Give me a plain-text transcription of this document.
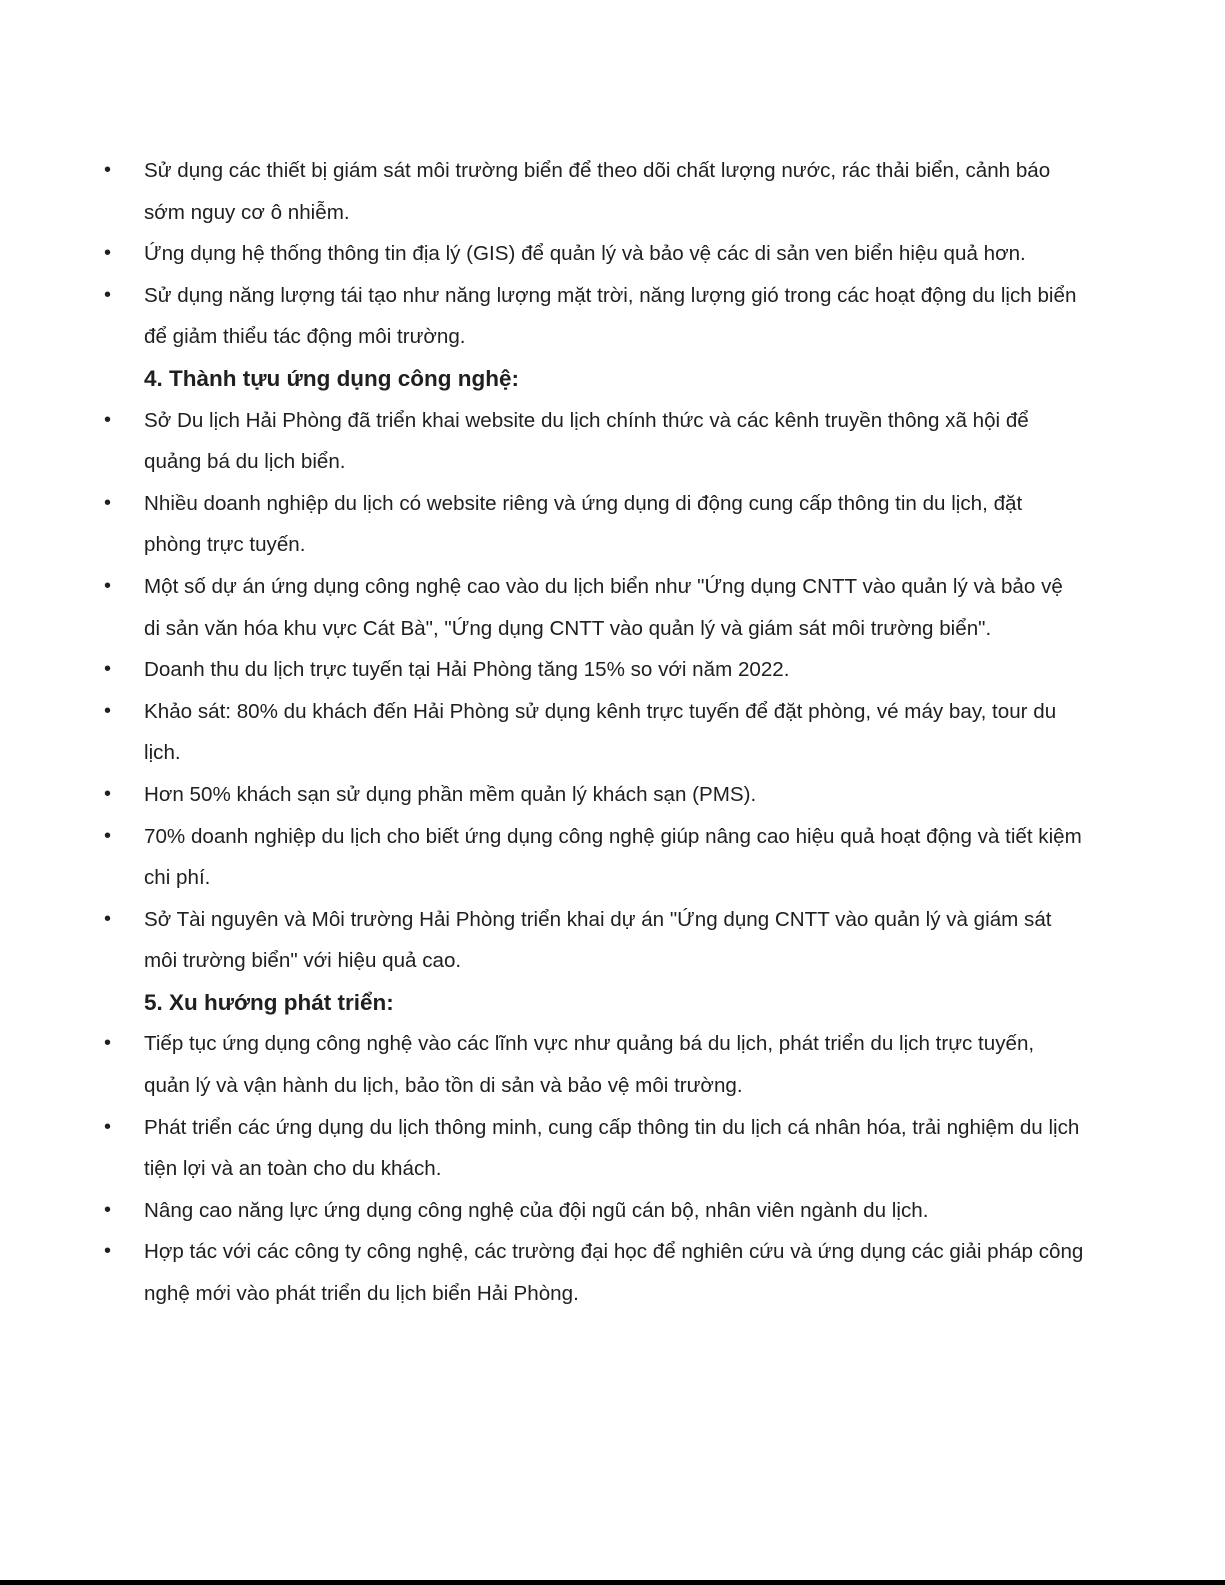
• Sử dụng các thiết bị giám sát môi trường biển để theo dõi chất lượng nước, rác thải biển, cảnh báo sớm nguy cơ ô nhiễm.
• Ứng dụng hệ thống thông tin địa lý (GIS) để quản lý và bảo vệ các di sản ven biển hiệu quả hơn.
• Sử dụng năng lượng tái tạo như năng lượng mặt trời, năng lượng gió trong các hoạt động du lịch biển để giảm thiểu tác động môi trường.
4. Thành tựu ứng dụng công nghệ:
• Sở Du lịch Hải Phòng đã triển khai website du lịch chính thức và các kênh truyền thông xã hội để quảng bá du lịch biển.
• Nhiều doanh nghiệp du lịch có website riêng và ứng dụng di động cung cấp thông tin du lịch, đặt phòng trực tuyến.
• Một số dự án ứng dụng công nghệ cao vào du lịch biển như "Ứng dụng CNTT vào quản lý và bảo vệ di sản văn hóa khu vực Cát Bà", "Ứng dụng CNTT vào quản lý và giám sát môi trường biển".
• Doanh thu du lịch trực tuyến tại Hải Phòng tăng 15% so với năm 2022.
• Khảo sát: 80% du khách đến Hải Phòng sử dụng kênh trực tuyến để đặt phòng, vé máy bay, tour du lịch.
• Hơn 50% khách sạn sử dụng phần mềm quản lý khách sạn (PMS).
• 70% doanh nghiệp du lịch cho biết ứng dụng công nghệ giúp nâng cao hiệu quả hoạt động và tiết kiệm chi phí.
• Sở Tài nguyên và Môi trường Hải Phòng triển khai dự án "Ứng dụng CNTT vào quản lý và giám sát môi trường biển" với hiệu quả cao.
5. Xu hướng phát triển:
• Tiếp tục ứng dụng công nghệ vào các lĩnh vực như quảng bá du lịch, phát triển du lịch trực tuyến, quản lý và vận hành du lịch, bảo tồn di sản và bảo vệ môi trường.
• Phát triển các ứng dụng du lịch thông minh, cung cấp thông tin du lịch cá nhân hóa, trải nghiệm du lịch tiện lợi và an toàn cho du khách.
• Nâng cao năng lực ứng dụng công nghệ của đội ngũ cán bộ, nhân viên ngành du lịch.
• Hợp tác với các công ty công nghệ, các trường đại học để nghiên cứu và ứng dụng các giải pháp công nghệ mới vào phát triển du lịch biển Hải Phòng.
